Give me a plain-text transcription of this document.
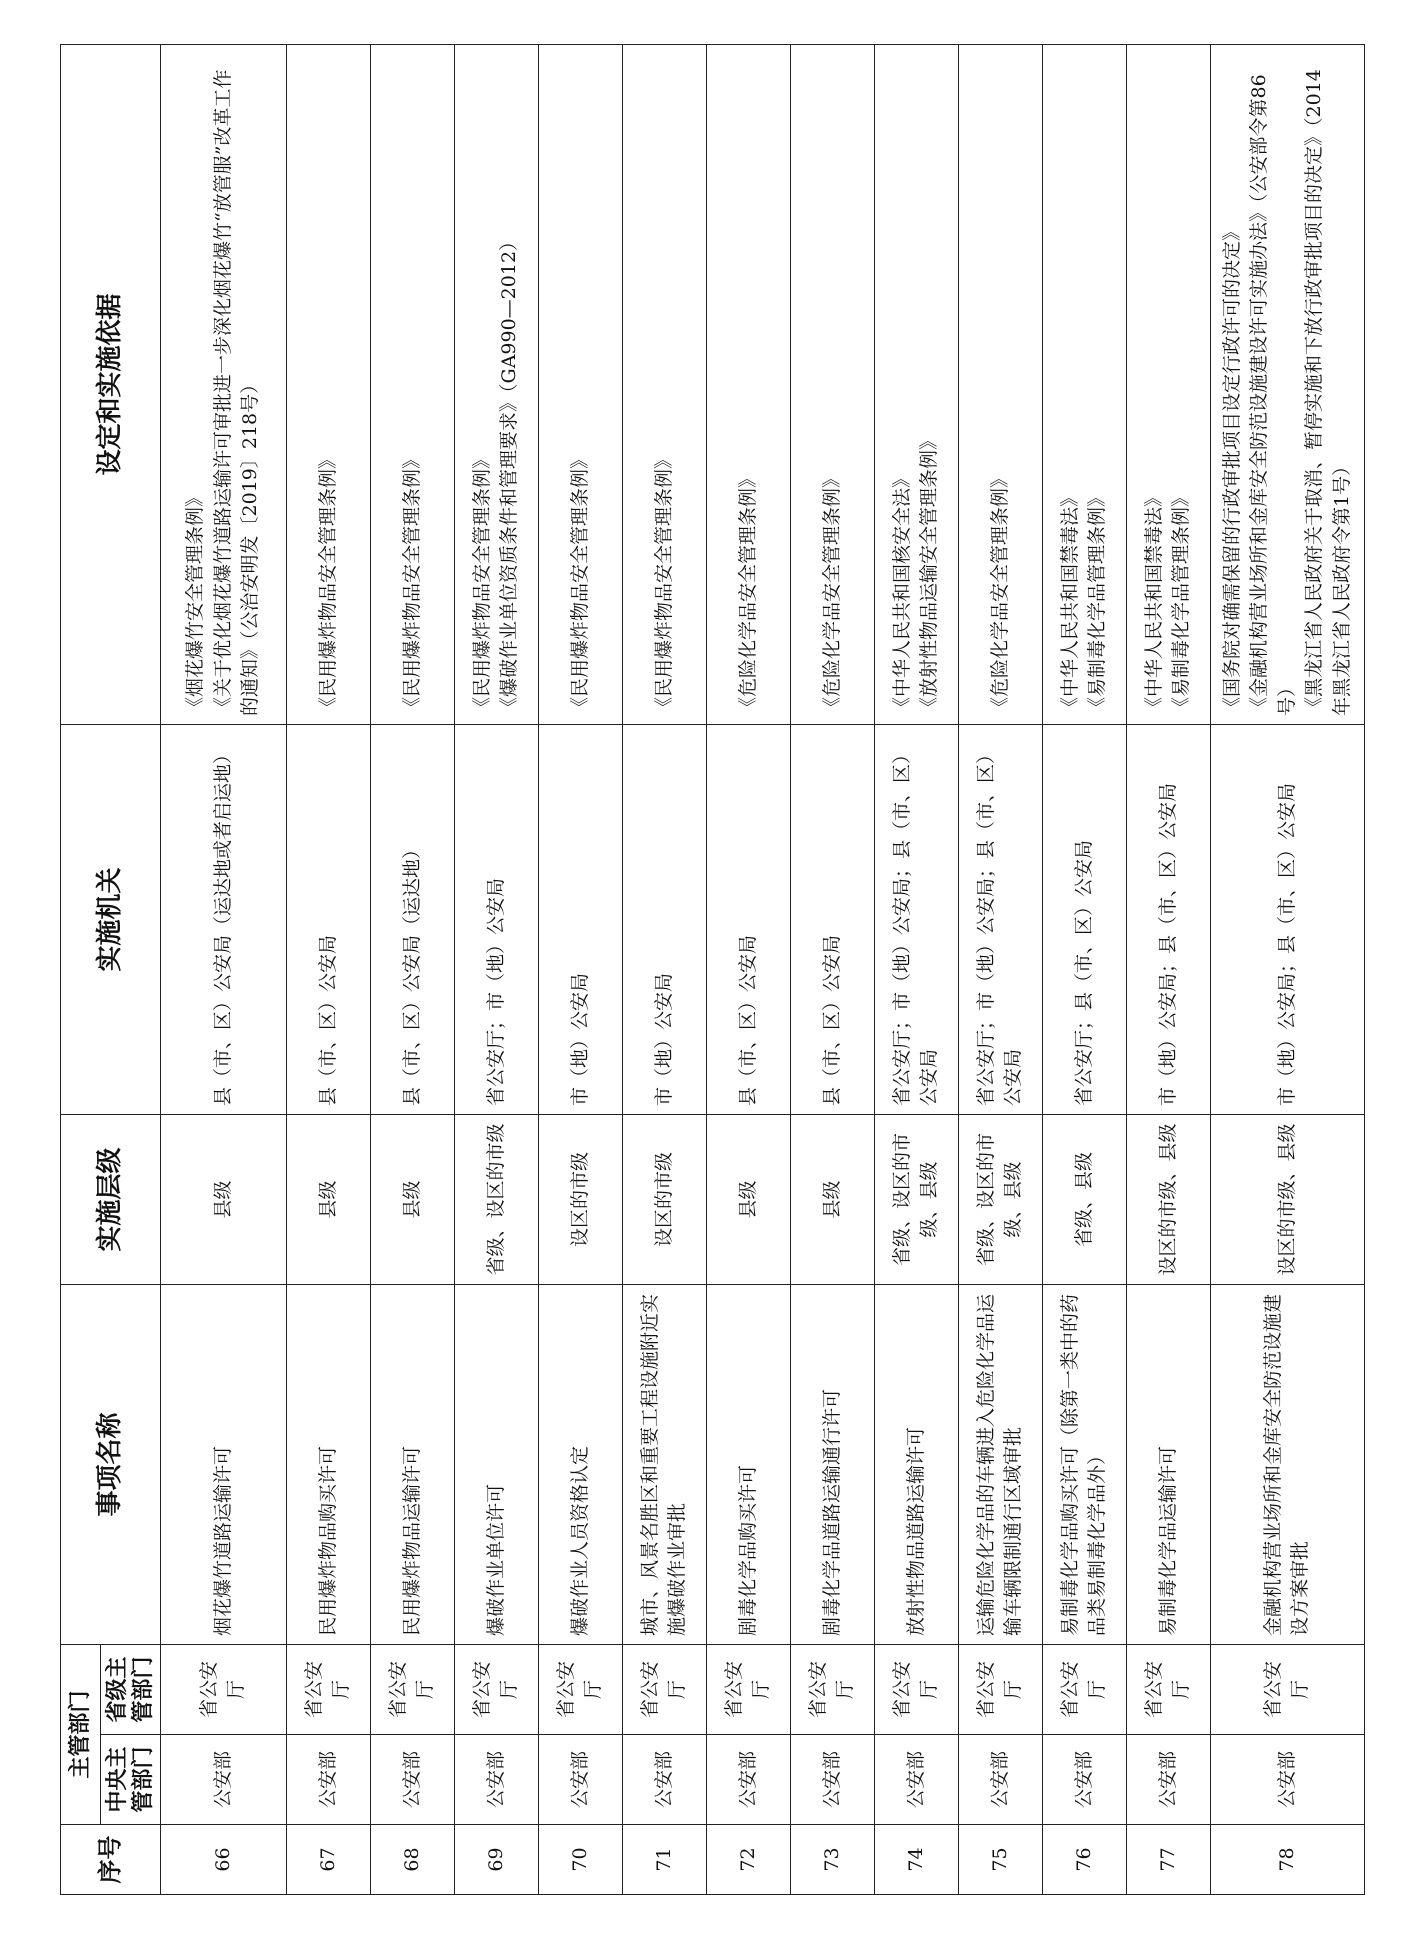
序号	主管部门		事项名称	实施层级	实施机关	设定和实施依据
	中央主管部门	省级主管部门				
66	公安部	省公安厅	烟花爆竹道路运输许可	县级	县（市、区）公安局（运达地或者启运地）	《烟花爆竹安全管理条例》
《关于优化烟花爆竹道路运输许可审批进一步深化烟花爆竹“放管服”改革工作的通知》（公治安明发〔2019〕218号）
67	公安部	省公安厅	民用爆炸物品购买许可	县级	县（市、区）公安局	《民用爆炸物品安全管理条例》
68	公安部	省公安厅	民用爆炸物品运输许可	县级	县（市、区）公安局（运达地）	《民用爆炸物品安全管理条例》
69	公安部	省公安厅	爆破作业单位许可	省级、设区的市级	省公安厅；市（地）公安局	《民用爆炸物品安全管理条例》
《爆破作业单位资质条件和管理要求》（GA990—2012）
70	公安部	省公安厅	爆破作业人员资格认定	设区的市级	市（地）公安局	《民用爆炸物品安全管理条例》
71	公安部	省公安厅	城市、风景名胜区和重要工程设施附近实施爆破作业审批	设区的市级	市（地）公安局	《民用爆炸物品安全管理条例》
72	公安部	省公安厅	剧毒化学品购买许可	县级	县（市、区）公安局	《危险化学品安全管理条例》
73	公安部	省公安厅	剧毒化学品道路运输通行许可	县级	县（市、区）公安局	《危险化学品安全管理条例》
74	公安部	省公安厅	放射性物品道路运输许可	省级、设区的市级、县级	省公安厅；市（地）公安局；县（市、区）公安局	《中华人民共和国核安全法》
《放射性物品运输安全管理条例》
75	公安部	省公安厅	运输危险化学品的车辆进入危险化学品运输车辆限制通行区域审批	省级、设区的市级、县级	省公安厅；市（地）公安局；县（市、区）公安局	《危险化学品安全管理条例》
76	公安部	省公安厅	易制毒化学品购买许可（除第一类中的药品类易制毒化学品外）	省级、县级	省公安厅；县（市、区）公安局	《中华人民共和国禁毒法》
《易制毒化学品管理条例》
77	公安部	省公安厅	易制毒化学品运输许可	设区的市级、县级	市（地）公安局；县（市、区）公安局	《中华人民共和国禁毒法》
《易制毒化学品管理条例》
78	公安部	省公安厅	金融机构营业场所和金库安全防范设施建设方案审批	设区的市级、县级	市（地）公安局；县（市、区）公安局	《国务院对确需保留的行政审批项目设定行政许可的决定》
《金融机构营业场所和金库安全防范设施建设许可实施办法》（公安部令第86号）
《黑龙江省人民政府关于取消、暂停实施和下放行政审批项目的决定》（2014年黑龙江省人民政府令第1号）
